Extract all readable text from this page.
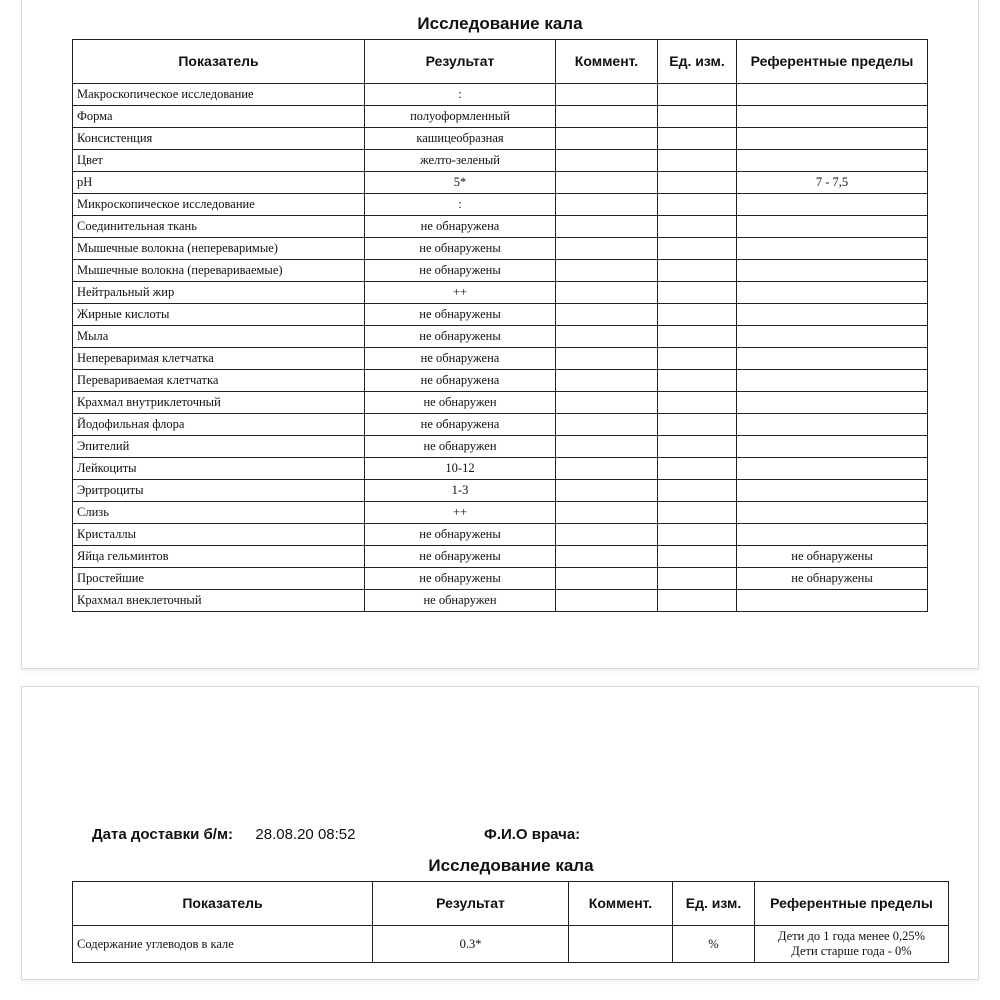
Исследование кала
Показатель	Результат	Коммент.	Ед. изм.	Референтные пределы
Макроскопическое исследование	:			
Форма	полуоформленный			
Консистенция	кашицеобразная			
Цвет	желто-зеленый			
pH	5*			7 - 7,5
Микроскопическое исследование	:			
Соединительная ткань	не обнаружена			
Мышечные волокна (непереваримые)	не обнаружены			
Мышечные волокна (перевариваемые)	не обнаружены			
Нейтральный жир	++			
Жирные кислоты	не обнаружены			
Мыла	не обнаружены			
Непереваримая клетчатка	не обнаружена			
Перевариваемая клетчатка	не обнаружена			
Крахмал внутриклеточный	не обнаружен			
Йодофильная флора	не обнаружена			
Эпителий	не обнаружен			
Лейкоциты	10-12			
Эритроциты	1-3			
Слизь	++			
Кристаллы	не обнаружены			
Яйца гельминтов	не обнаружены			не обнаружены
Простейшие	не обнаружены			не обнаружены
Крахмал внеклеточный	не обнаружен			
Дата доставки б/м: 28.08.20 08:52	Ф.И.О врача:
Исследование кала
Показатель	Результат	Коммент.	Ед. изм.	Референтные пределы
Содержание углеводов в кале	0.3*		%	Дети до 1 года менее 0,25%
Дети старше года - 0%
